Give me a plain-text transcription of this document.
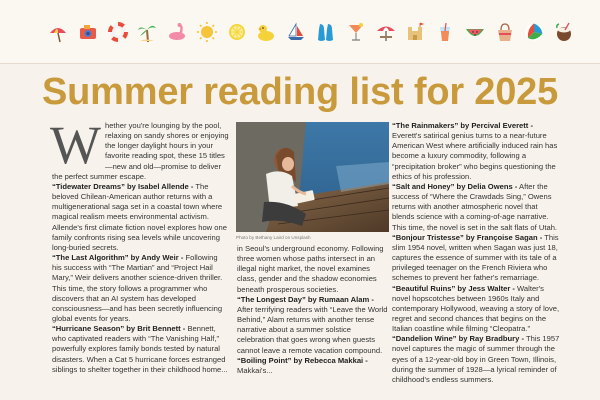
Summer reading list for 2025

Whether you're lounging by the pool, relaxing on sandy shores or enjoying the longer daylight hours in your favorite reading spot, these 15 titles—new and old—promise to deliver the perfect summer escape.

“Tidewater Dreams” by Isabel Allende - The beloved Chilean-American author returns with a multigenerational saga set in a coastal town where magical realism meets environmental activism. Allende's first climate fiction novel explores how one family confronts rising sea levels while uncovering long-buried secrets.

“The Last Algorithm” by Andy Weir - Following his success with “The Martian” and “Project Hail Mary,” Weir delivers another science-driven thriller. This time, the story follows a programmer who discovers that an AI system has developed consciousness—and has been secretly influencing global events for years.

“Hurricane Season” by Brit Bennett - Bennett, who captivated readers with “The Vanishing Half,” powerfully explores family bonds tested by natural disasters. When a Cat 5 hurricane forces estranged siblings to shelter together in their childhood home...

Photo by Bethany Laird on Unsplash

in Seoul's underground economy. Following three women whose paths intersect in an illegal night market, the novel examines class, gender and the shadow economies beneath prosperous societies.

“The Longest Day” by Rumaan Alam - After terrifying readers with “Leave the World Behind,” Alam returns with another tense narrative about a summer solstice celebration that goes wrong when guests cannot leave a remote vacation compound.

“Boiling Point” by Rebecca Makkai - Makkai's...

“The Rainmakers” by Percival Everett - Everett's satirical genius turns to a near-future American West where artificially induced rain has become a luxury commodity, following a “precipitation broker” who begins questioning the ethics of his profession.

“Salt and Honey” by Delia Owens - After the success of “Where the Crawdads Sing,” Owens returns with another atmospheric novel that blends science with a coming-of-age narrative. This time, the novel is set in the salt flats of Utah.

“Bonjour Tristesse” by Françoise Sagan - This slim 1954 novel, written when Sagan was just 18, captures the essence of summer with its tale of a privileged teenager on the French Riviera who schemes to prevent her father's remarriage.

“Beautiful Ruins” by Jess Walter - Walter's novel hopscotches between 1960s Italy and contemporary Hollywood, weaving a story of love, regret and second chances that begins on the Italian coastline while filming “Cleopatra.”

“Dandelion Wine” by Ray Bradbury - This 1957 novel captures the magic of summer through the eyes of a 12-year-old boy in Green Town, Illinois, during the summer of 1928—a lyrical reminder of childhood's endless summers.
